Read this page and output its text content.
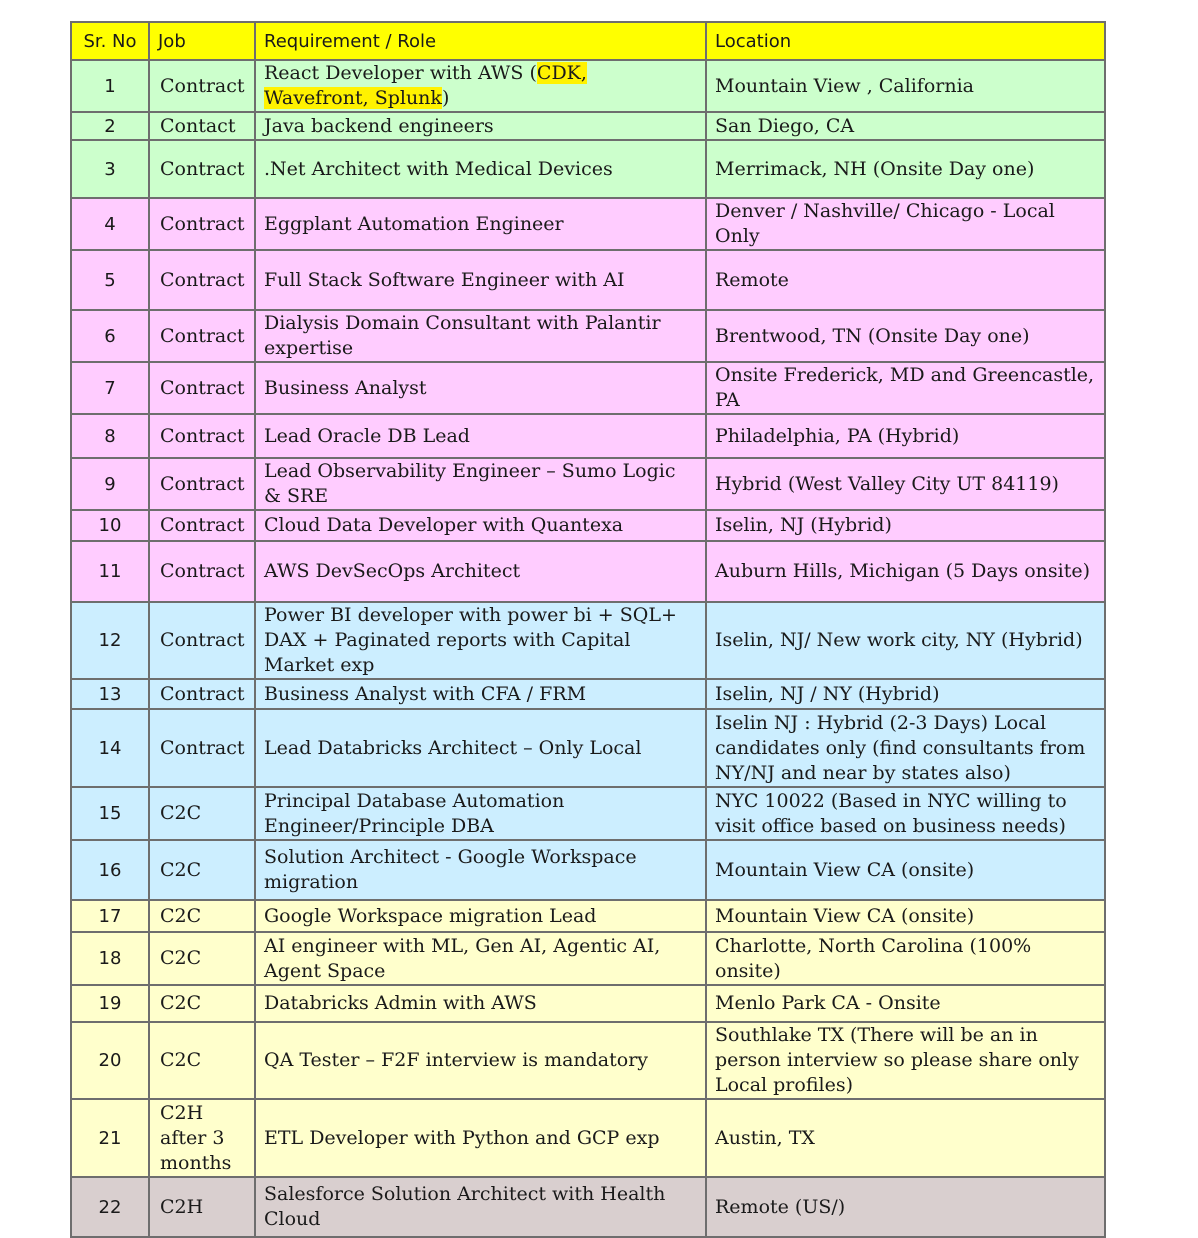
Sr. No	Job	Requirement / Role	Location
1	Contract	React Developer with AWS (CDK, Wavefront, Splunk)	Mountain View , California
2	Contact	Java backend engineers	San Diego, CA
3	Contract	.Net Architect with Medical Devices	Merrimack, NH (Onsite Day one)
4	Contract	Eggplant Automation Engineer	Denver / Nashville/ Chicago - Local Only
5	Contract	Full Stack Software Engineer with AI	Remote
6	Contract	Dialysis Domain Consultant with Palantir expertise	Brentwood, TN (Onsite Day one)
7	Contract	Business Analyst	Onsite Frederick, MD and Greencastle, PA
8	Contract	Lead Oracle DB Lead	Philadelphia, PA (Hybrid)
9	Contract	Lead Observability Engineer – Sumo Logic & SRE	Hybrid (West Valley City UT 84119)
10	Contract	Cloud Data Developer with Quantexa	Iselin, NJ (Hybrid)
11	Contract	AWS DevSecOps Architect	Auburn Hills, Michigan (5 Days onsite)
12	Contract	Power BI developer with power bi + SQL+ DAX + Paginated reports with Capital Market exp	Iselin, NJ/ New work city, NY (Hybrid)
13	Contract	Business Analyst with CFA / FRM	Iselin, NJ / NY (Hybrid)
14	Contract	Lead Databricks Architect – Only Local	Iselin NJ : Hybrid (2-3 Days) Local candidates only (find consultants from NY/NJ and near by states also)
15	C2C	Principal Database Automation Engineer/Principle DBA	NYC 10022 (Based in NYC willing to visit office based on business needs)
16	C2C	Solution Architect - Google Workspace migration	Mountain View CA (onsite)
17	C2C	Google Workspace migration Lead	Mountain View CA (onsite)
18	C2C	AI engineer with ML, Gen AI, Agentic AI, Agent Space	Charlotte, North Carolina (100% onsite)
19	C2C	Databricks Admin with AWS	Menlo Park CA - Onsite
20	C2C	QA Tester – F2F interview is mandatory	Southlake TX (There will be an in person interview so please share only Local profiles)
21	C2H after 3 months	ETL Developer with Python and GCP exp	Austin, TX
22	C2H	Salesforce Solution Architect with Health Cloud	Remote (US/)
